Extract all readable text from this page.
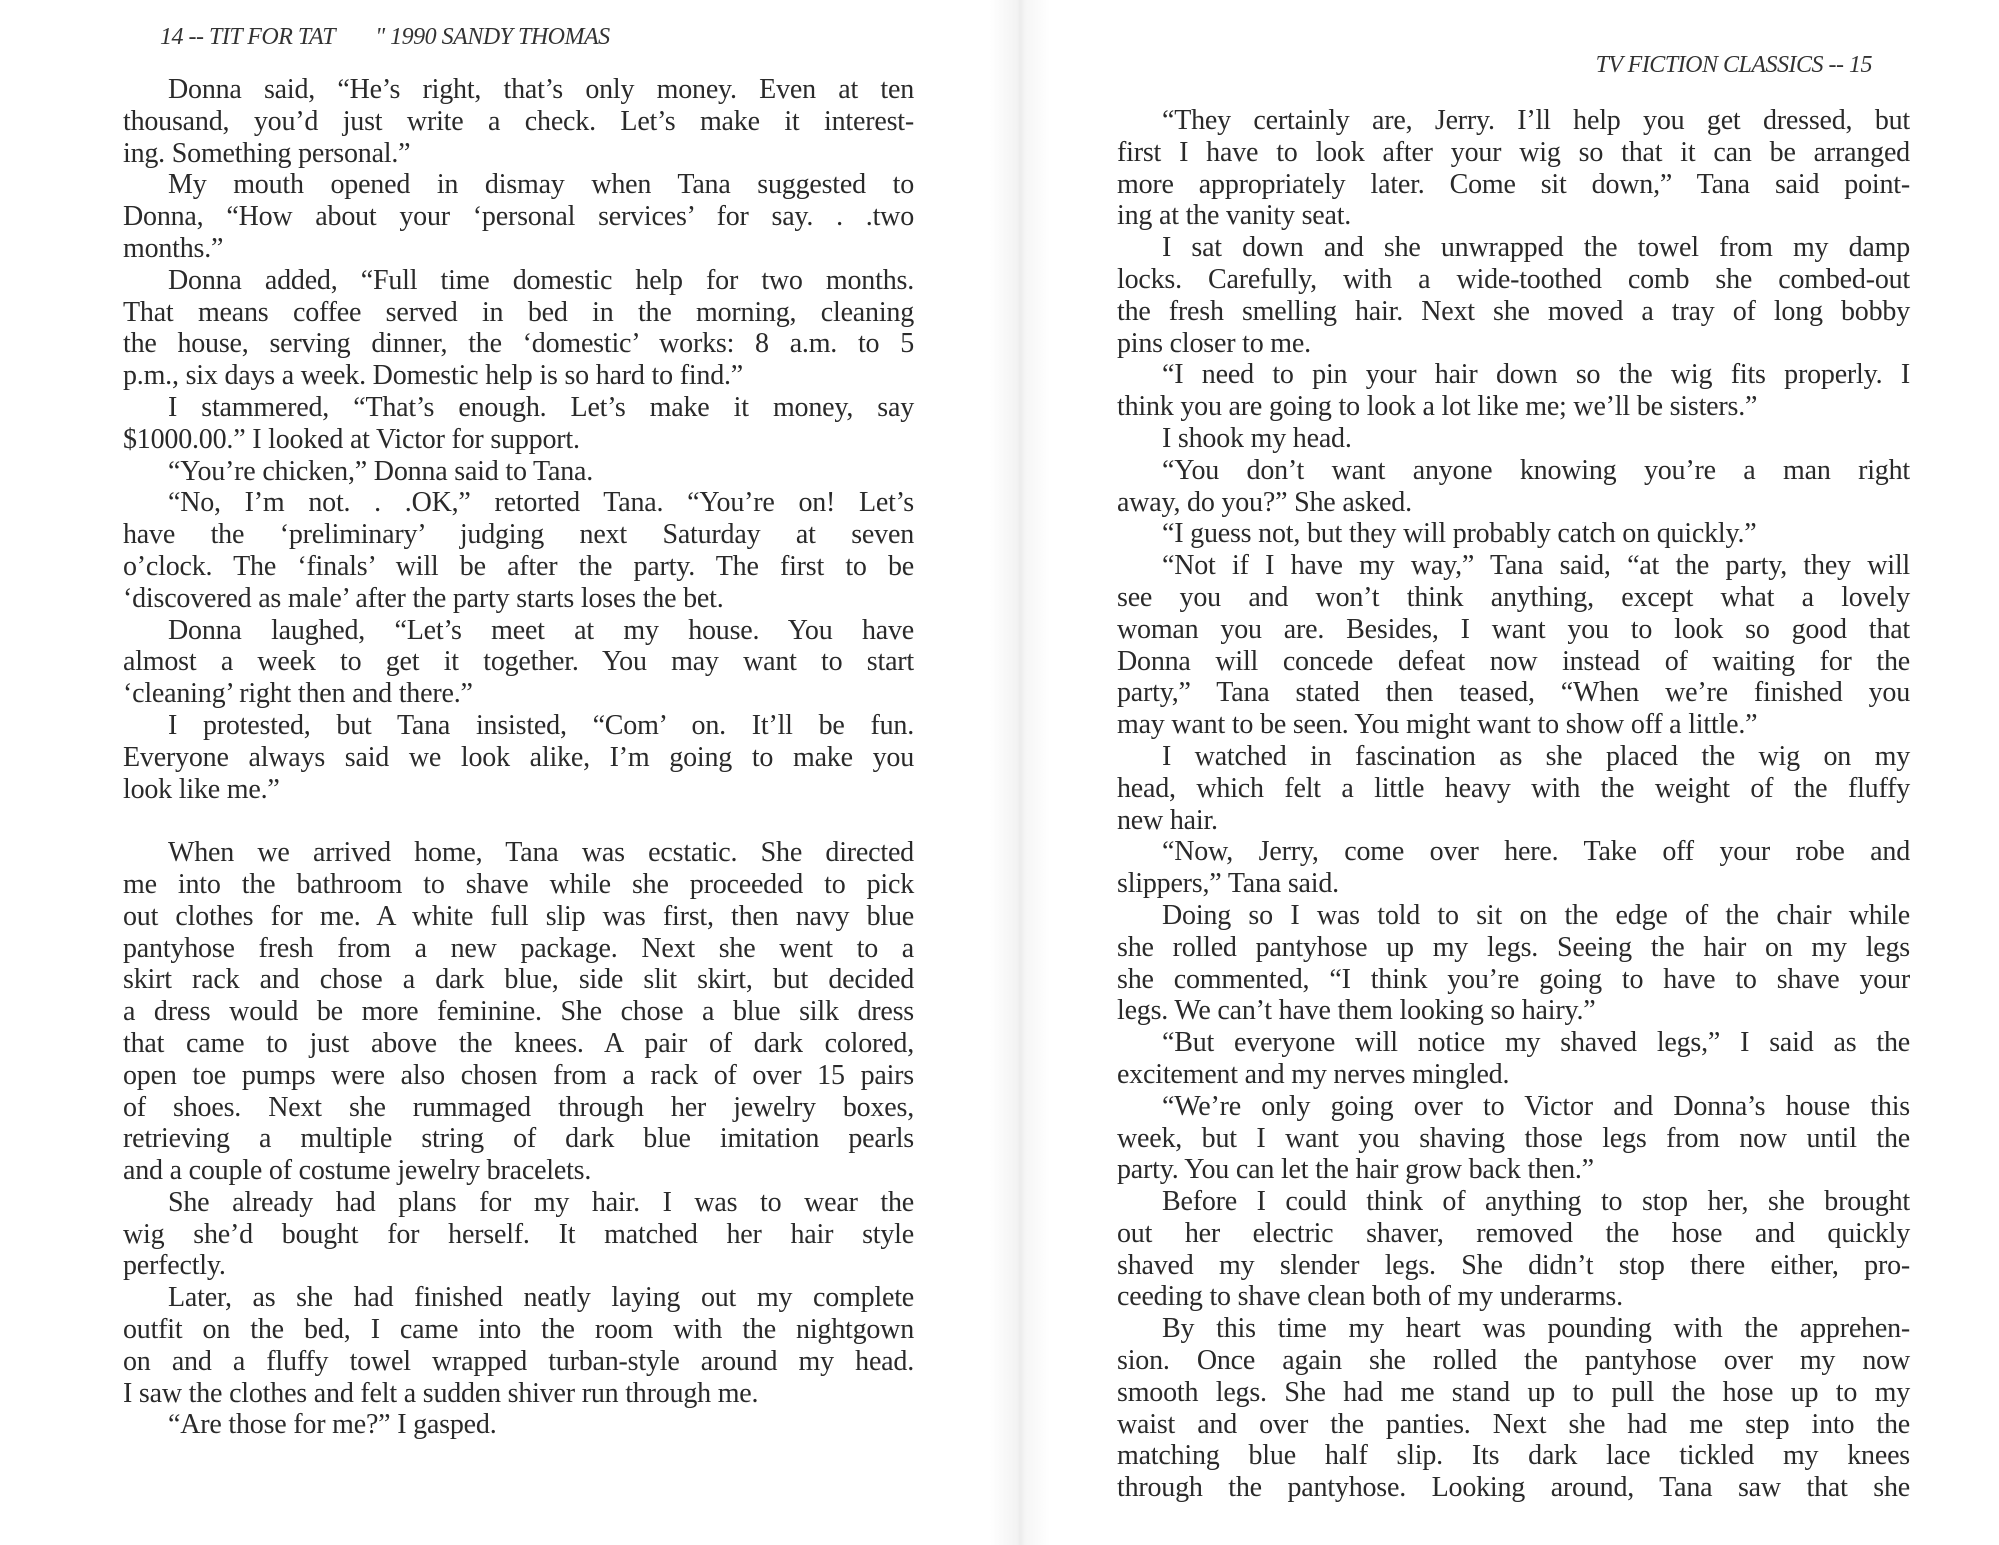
14 -- TIT FOR TAT " 1990 SANDY THOMAS
TV FICTION CLASSICS -- 15
Donna said, “He’s right, that’s only money. Even at ten
thousand, you’d just write a check. Let’s make it interest-
ing. Something personal.”
My mouth opened in dismay when Tana suggested to
Donna, “How about your ‘personal services’ for say. . .two
months.”
Donna added, “Full time domestic help for two months.
That means coffee served in bed in the morning, cleaning
the house, serving dinner, the ‘domestic’ works: 8 a.m. to 5
p.m., six days a week. Domestic help is so hard to find.”
I stammered, “That’s enough. Let’s make it money, say
$1000.00.” I looked at Victor for support.
“You’re chicken,” Donna said to Tana.
“No, I’m not. . .OK,” retorted Tana. “You’re on! Let’s
have the ‘preliminary’ judging next Saturday at seven
o’clock. The ‘finals’ will be after the party. The first to be
‘discovered as male’ after the party starts loses the bet.
Donna laughed, “Let’s meet at my house. You have
almost a week to get it together. You may want to start
‘cleaning’ right then and there.”
I protested, but Tana insisted, “Com’ on. It’ll be fun.
Everyone always said we look alike, I’m going to make you
look like me.”
When we arrived home, Tana was ecstatic. She directed
me into the bathroom to shave while she proceeded to pick
out clothes for me. A white full slip was first, then navy blue
pantyhose fresh from a new package. Next she went to a
skirt rack and chose a dark blue, side slit skirt, but decided
a dress would be more feminine. She chose a blue silk dress
that came to just above the knees. A pair of dark colored,
open toe pumps were also chosen from a rack of over 15 pairs
of shoes. Next she rummaged through her jewelry boxes,
retrieving a multiple string of dark blue imitation pearls
and a couple of costume jewelry bracelets.
She already had plans for my hair. I was to wear the
wig she’d bought for herself. It matched her hair style
perfectly.
Later, as she had finished neatly laying out my complete
outfit on the bed, I came into the room with the nightgown
on and a fluffy towel wrapped turban-style around my head.
I saw the clothes and felt a sudden shiver run through me.
“Are those for me?” I gasped.
“They certainly are, Jerry. I’ll help you get dressed, but
first I have to look after your wig so that it can be arranged
more appropriately later. Come sit down,” Tana said point-
ing at the vanity seat.
I sat down and she unwrapped the towel from my damp
locks. Carefully, with a wide-toothed comb she combed-out
the fresh smelling hair. Next she moved a tray of long bobby
pins closer to me.
“I need to pin your hair down so the wig fits properly. I
think you are going to look a lot like me; we’ll be sisters.”
I shook my head.
“You don’t want anyone knowing you’re a man right
away, do you?” She asked.
“I guess not, but they will probably catch on quickly.”
“Not if I have my way,” Tana said, “at the party, they will
see you and won’t think anything, except what a lovely
woman you are. Besides, I want you to look so good that
Donna will concede defeat now instead of waiting for the
party,” Tana stated then teased, “When we’re finished you
may want to be seen. You might want to show off a little.”
I watched in fascination as she placed the wig on my
head, which felt a little heavy with the weight of the fluffy
new hair.
“Now, Jerry, come over here. Take off your robe and
slippers,” Tana said.
Doing so I was told to sit on the edge of the chair while
she rolled pantyhose up my legs. Seeing the hair on my legs
she commented, “I think you’re going to have to shave your
legs. We can’t have them looking so hairy.”
“But everyone will notice my shaved legs,” I said as the
excitement and my nerves mingled.
“We’re only going over to Victor and Donna’s house this
week, but I want you shaving those legs from now until the
party. You can let the hair grow back then.”
Before I could think of anything to stop her, she brought
out her electric shaver, removed the hose and quickly
shaved my slender legs. She didn’t stop there either, pro-
ceeding to shave clean both of my underarms.
By this time my heart was pounding with the apprehen-
sion. Once again she rolled the pantyhose over my now
smooth legs. She had me stand up to pull the hose up to my
waist and over the panties. Next she had me step into the
matching blue half slip. Its dark lace tickled my knees
through the pantyhose. Looking around, Tana saw that she
